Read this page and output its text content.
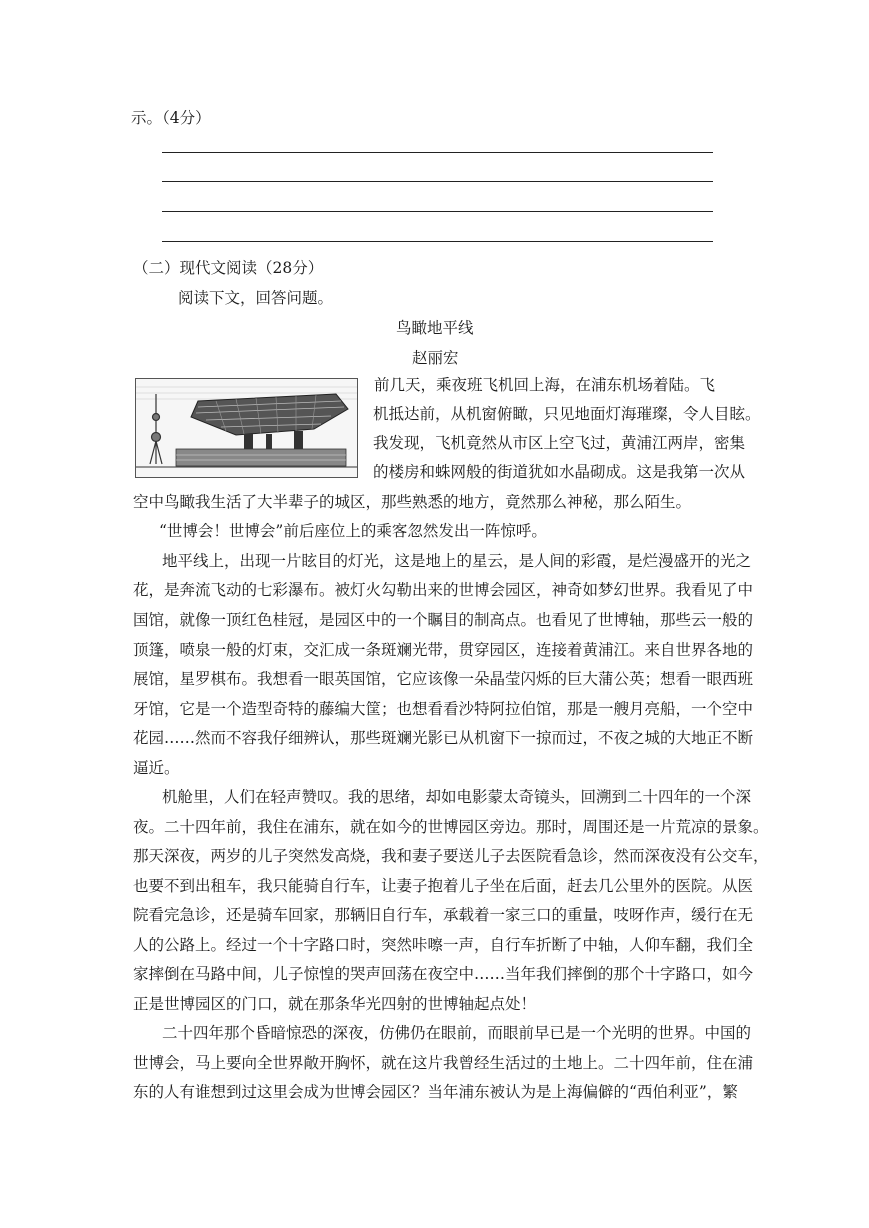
示。（4分）
（二）现代文阅读（28分）
阅读下文，回答问题。
鸟瞰地平线
赵丽宏
前几天，乘夜班飞机回上海，在浦东机场着陆。飞
机抵达前，从机窗俯瞰，只见地面灯海璀璨，令人目眩。
我发现，飞机竟然从市区上空飞过，黄浦江两岸，密集
的楼房和蛛网般的街道犹如水晶砌成。这是我第一次从
空中鸟瞰我生活了大半辈子的城区，那些熟悉的地方，竟然那么神秘，那么陌生。
“世博会！世博会”前后座位上的乘客忽然发出一阵惊呼。
地平线上，出现一片眩目的灯光，这是地上的星云，是人间的彩霞，是烂漫盛开的光之
花，是奔流飞动的七彩瀑布。被灯火勾勒出来的世博会园区，神奇如梦幻世界。我看见了中
国馆，就像一顶红色桂冠，是园区中的一个瞩目的制高点。也看见了世博轴，那些云一般的
顶篷，喷泉一般的灯束，交汇成一条斑斓光带，贯穿园区，连接着黄浦江。来自世界各地的
展馆，星罗棋布。我想看一眼英国馆，它应该像一朵晶莹闪烁的巨大蒲公英；想看一眼西班
牙馆，它是一个造型奇特的藤编大筐；也想看看沙特阿拉伯馆，那是一艘月亮船，一个空中
花园……然而不容我仔细辨认，那些斑斓光影已从机窗下一掠而过，不夜之城的大地正不断
逼近。
机舱里，人们在轻声赞叹。我的思绪，却如电影蒙太奇镜头，回溯到二十四年的一个深
夜。二十四年前，我住在浦东，就在如今的世博园区旁边。那时，周围还是一片荒凉的景象。
那天深夜，两岁的儿子突然发高烧，我和妻子要送儿子去医院看急诊，然而深夜没有公交车，
也要不到出租车，我只能骑自行车，让妻子抱着儿子坐在后面，赶去几公里外的医院。从医
院看完急诊，还是骑车回家，那辆旧自行车，承载着一家三口的重量，吱呀作声，缓行在无
人的公路上。经过一个十字路口时，突然咔嚓一声，自行车折断了中轴，人仰车翻，我们全
家摔倒在马路中间，儿子惊惶的哭声回荡在夜空中……当年我们摔倒的那个十字路口，如今
正是世博园区的门口，就在那条华光四射的世博轴起点处！
二十四年那个昏暗惊恐的深夜，仿佛仍在眼前，而眼前早已是一个光明的世界。中国的
世博会，马上要向全世界敞开胸怀，就在这片我曾经生活过的土地上。二十四年前，住在浦
东的人有谁想到过这里会成为世博会园区？当年浦东被认为是上海偏僻的“西伯利亚”，繁
